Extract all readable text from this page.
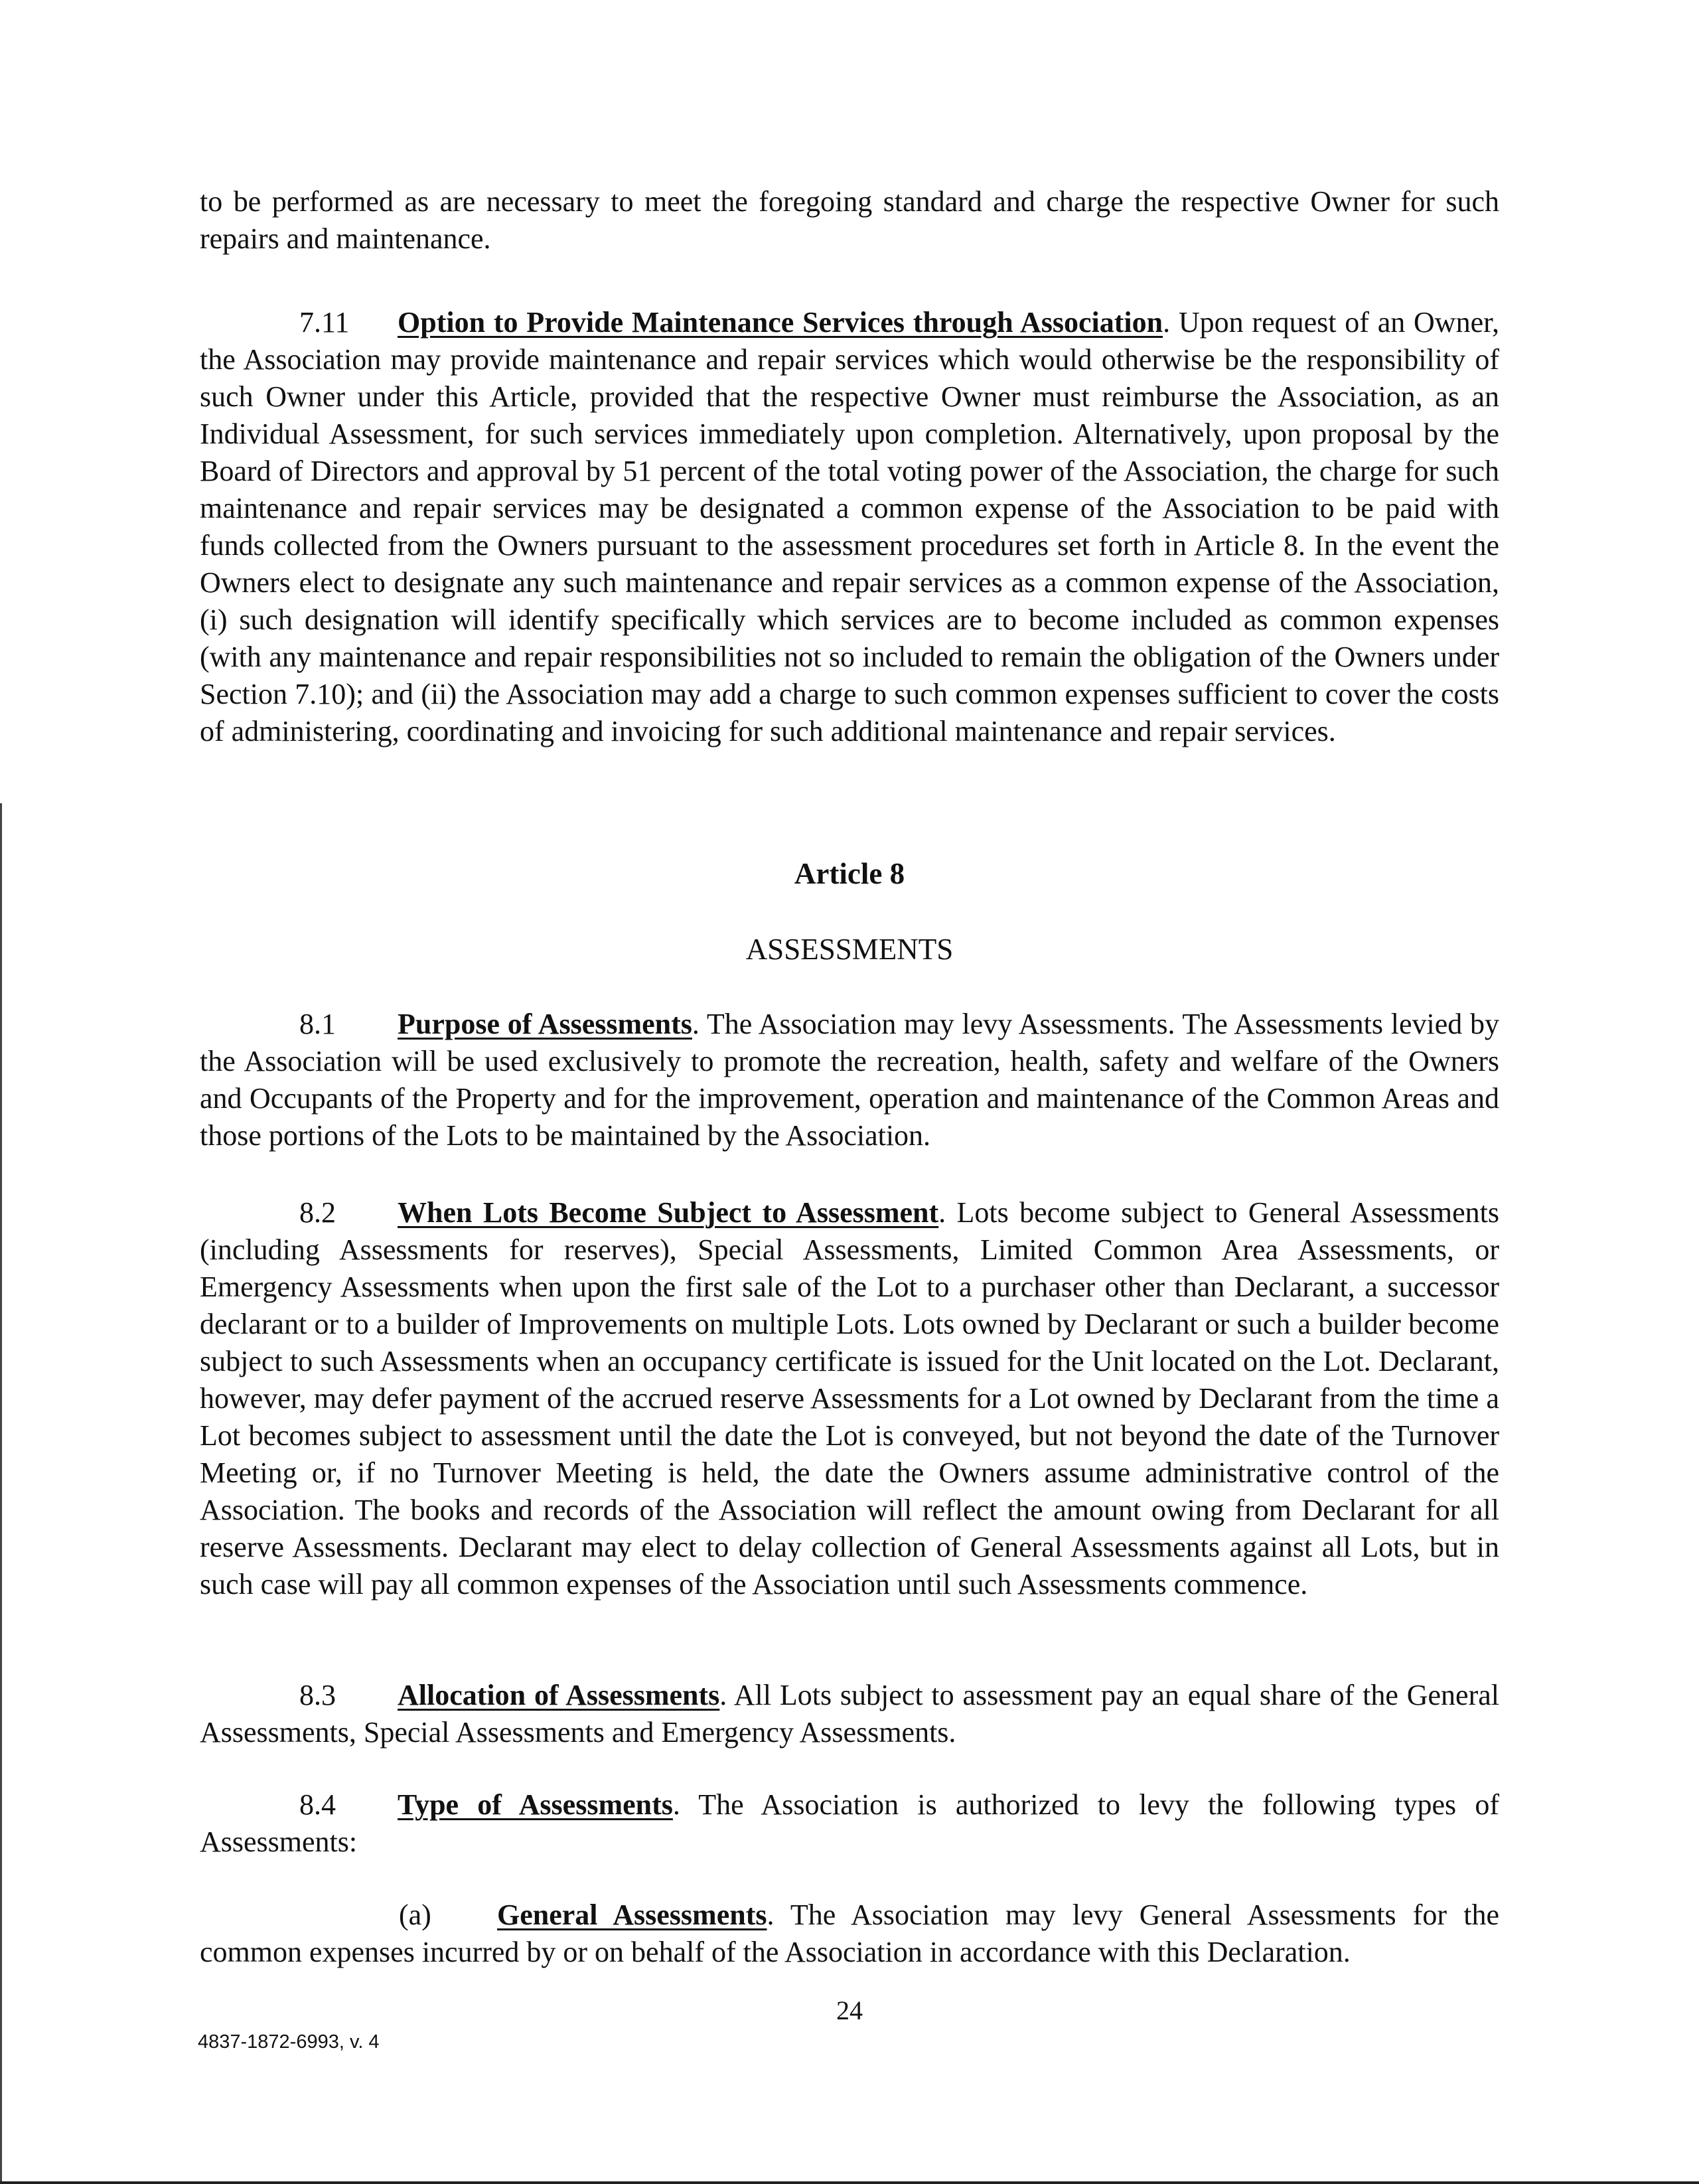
to be performed as are necessary to meet the foregoing standard and charge the respective Owner for such repairs and maintenance.

7.11 Option to Provide Maintenance Services through Association. Upon request of an Owner, the Association may provide maintenance and repair services which would otherwise be the responsibility of such Owner under this Article, provided that the respective Owner must reimburse the Association, as an Individual Assessment, for such services immediately upon completion. Alternatively, upon proposal by the Board of Directors and approval by 51 percent of the total voting power of the Association, the charge for such maintenance and repair services may be designated a common expense of the Association to be paid with funds collected from the Owners pursuant to the assessment procedures set forth in Article 8. In the event the Owners elect to designate any such maintenance and repair services as a common expense of the Association, (i) such designation will identify specifically which services are to become included as common expenses (with any maintenance and repair responsibilities not so included to remain the obligation of the Owners under Section 7.10); and (ii) the Association may add a charge to such common expenses sufficient to cover the costs of administering, coordinating and invoicing for such additional maintenance and repair services.

Article 8

ASSESSMENTS

8.1 Purpose of Assessments. The Association may levy Assessments. The Assessments levied by the Association will be used exclusively to promote the recreation, health, safety and welfare of the Owners and Occupants of the Property and for the improvement, operation and maintenance of the Common Areas and those portions of the Lots to be maintained by the Association.

8.2 When Lots Become Subject to Assessment. Lots become subject to General Assessments (including Assessments for reserves), Special Assessments, Limited Common Area Assessments, or Emergency Assessments when upon the first sale of the Lot to a purchaser other than Declarant, a successor declarant or to a builder of Improvements on multiple Lots. Lots owned by Declarant or such a builder become subject to such Assessments when an occupancy certificate is issued for the Unit located on the Lot. Declarant, however, may defer payment of the accrued reserve Assessments for a Lot owned by Declarant from the time a Lot becomes subject to assessment until the date the Lot is conveyed, but not beyond the date of the Turnover Meeting or, if no Turnover Meeting is held, the date the Owners assume administrative control of the Association. The books and records of the Association will reflect the amount owing from Declarant for all reserve Assessments. Declarant may elect to delay collection of General Assessments against all Lots, but in such case will pay all common expenses of the Association until such Assessments commence.

8.3 Allocation of Assessments. All Lots subject to assessment pay an equal share of the General Assessments, Special Assessments and Emergency Assessments.

8.4 Type of Assessments. The Association is authorized to levy the following types of Assessments:

(a) General Assessments. The Association may levy General Assessments for the common expenses incurred by or on behalf of the Association in accordance with this Declaration.

24
4837-1872-6993, v. 4
